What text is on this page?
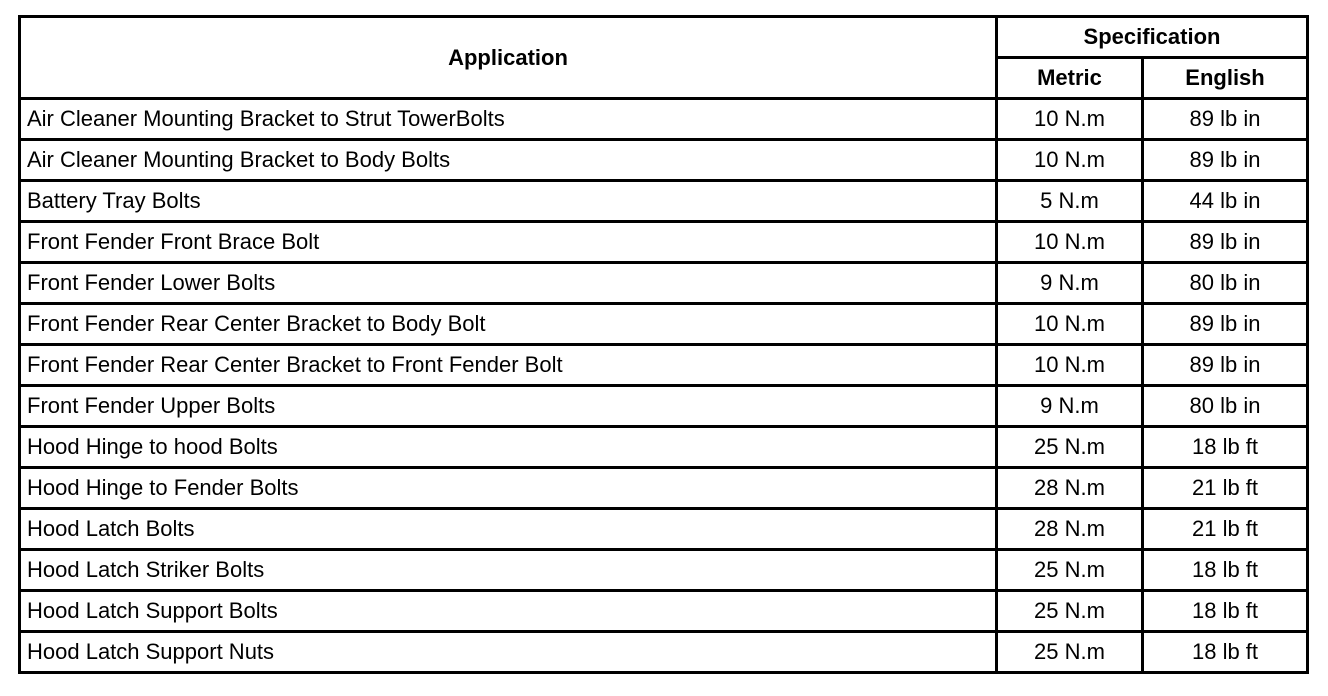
Application	Specification	
	Metric	English
Air Cleaner Mounting Bracket to Strut TowerBolts	10 N.m	89 lb in
Air Cleaner Mounting Bracket to Body Bolts	10 N.m	89 lb in
Battery Tray Bolts	5 N.m	44 lb in
Front Fender Front Brace Bolt	10 N.m	89 lb in
Front Fender Lower Bolts	9 N.m	80 lb in
Front Fender Rear Center Bracket to Body Bolt	10 N.m	89 lb in
Front Fender Rear Center Bracket to Front Fender Bolt	10 N.m	89 lb in
Front Fender Upper Bolts	9 N.m	80 lb in
Hood Hinge to hood Bolts	25 N.m	18 lb ft
Hood Hinge to Fender Bolts	28 N.m	21 lb ft
Hood Latch Bolts	28 N.m	21 lb ft
Hood Latch Striker Bolts	25 N.m	18 lb ft
Hood Latch Support Bolts	25 N.m	18 lb ft
Hood Latch Support Nuts	25 N.m	18 lb ft
